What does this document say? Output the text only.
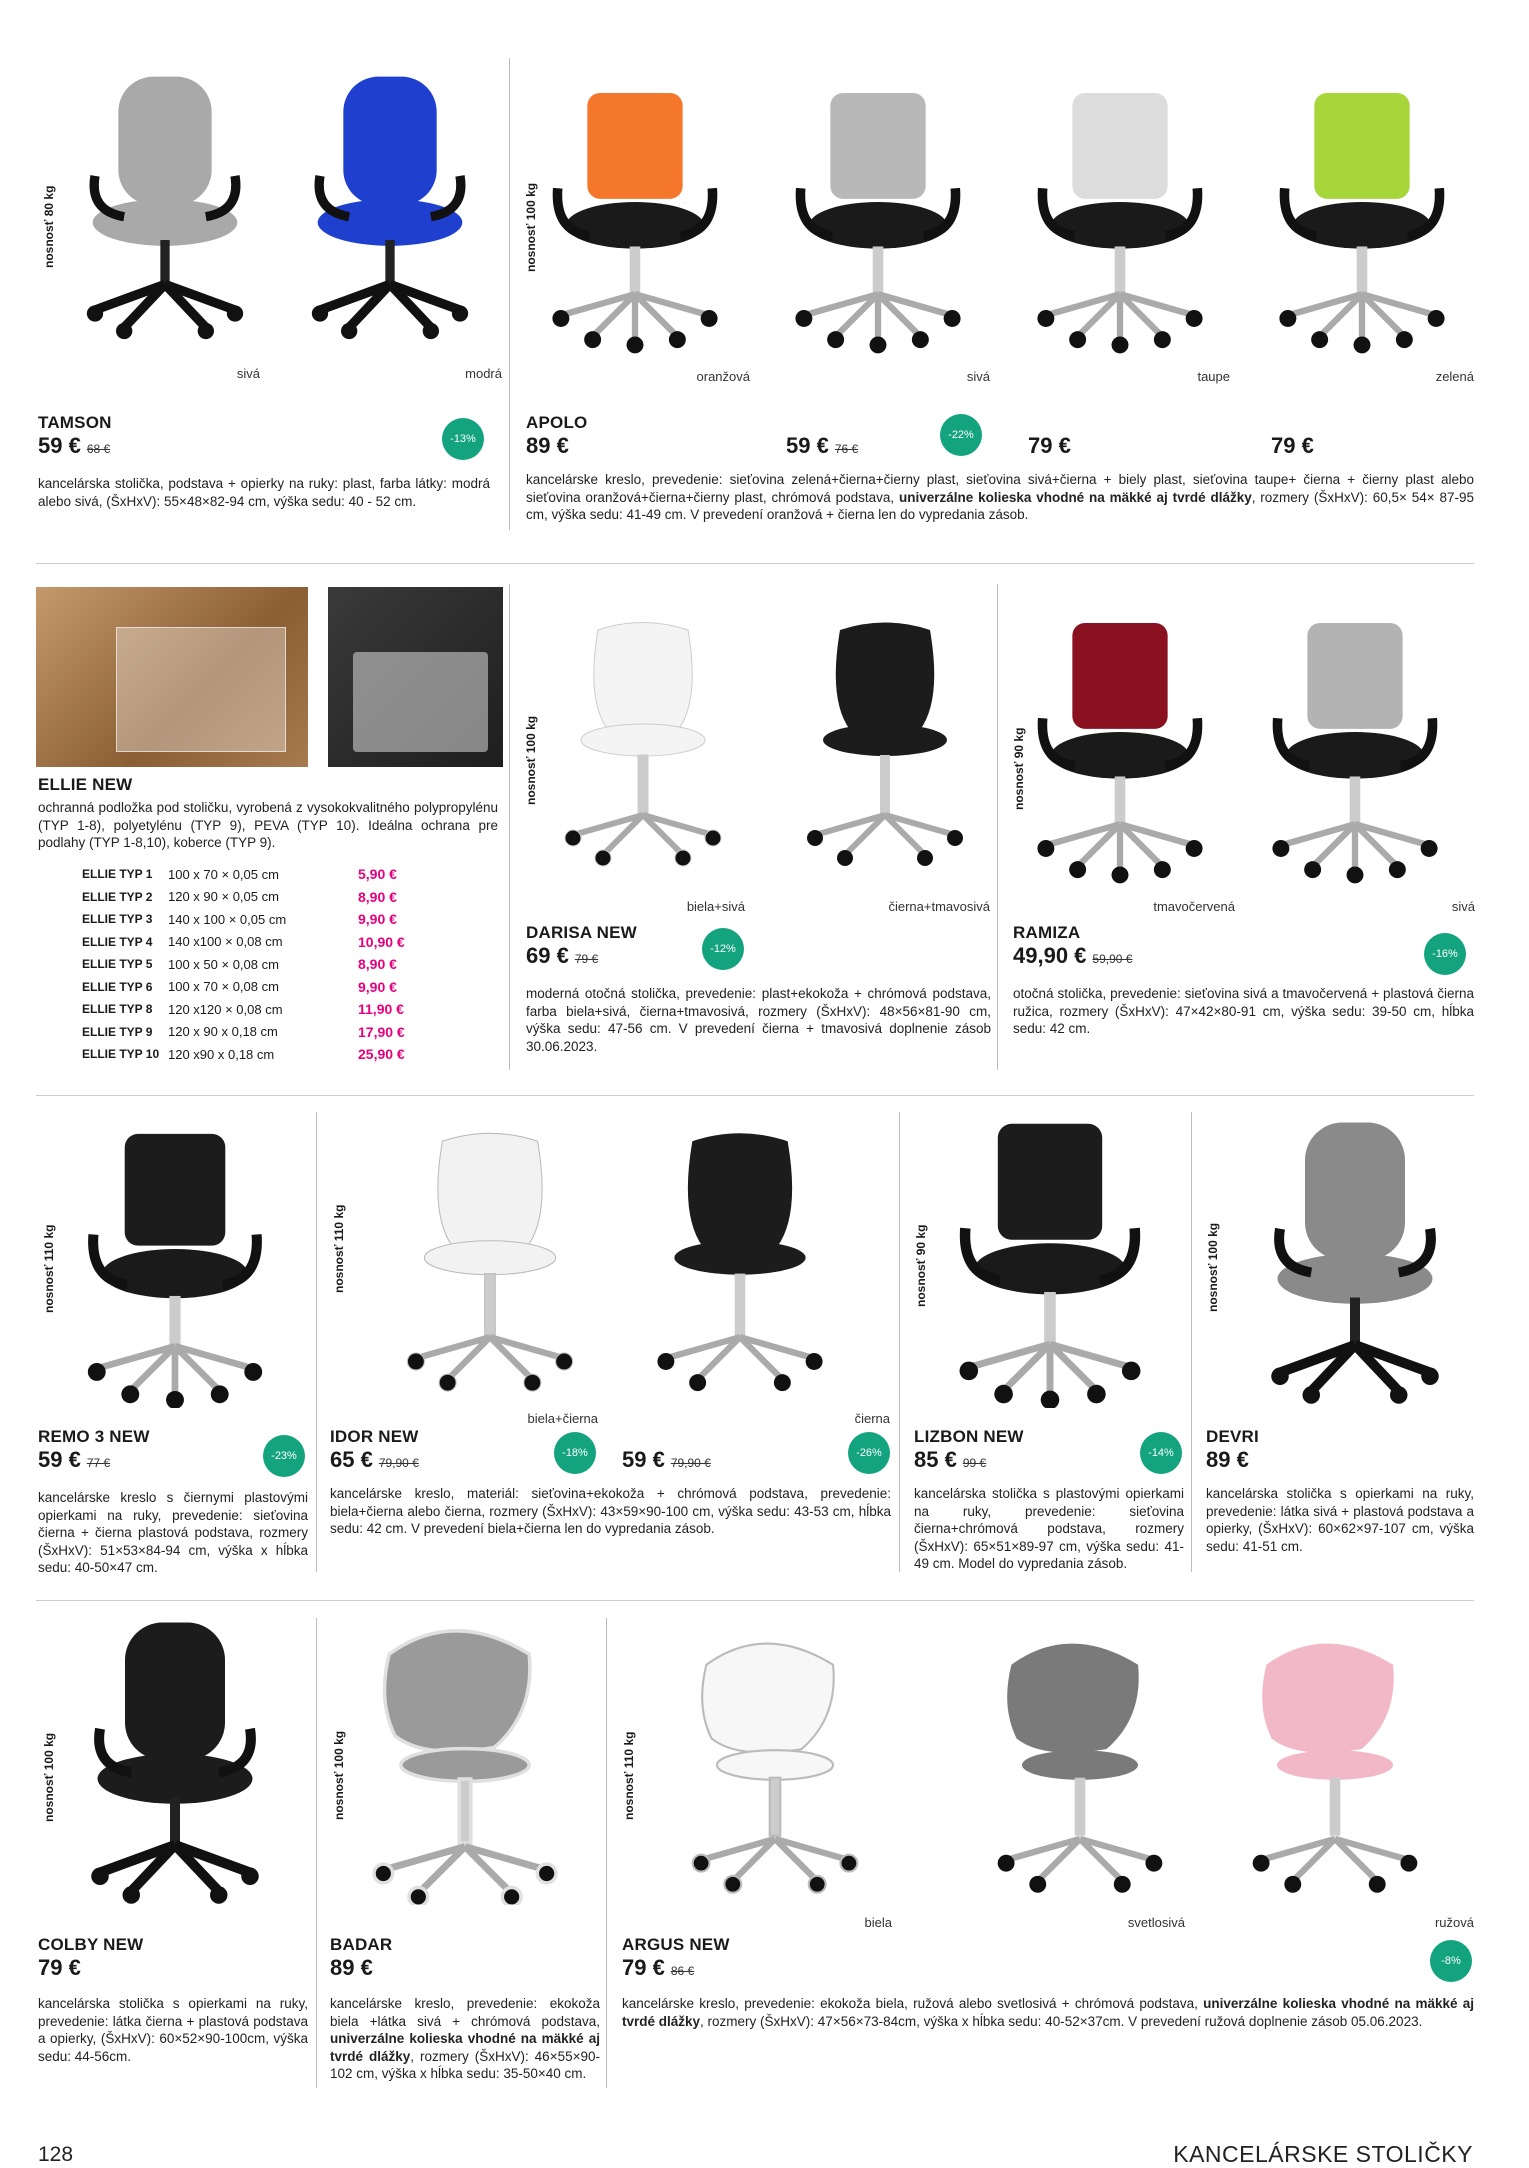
nosnosť 80 kg
sivá	modrá
TAMSON
59 € 68 €
-13%
kancelárska stolička, podstava + opierky na ruky: plast, farba látky: modrá alebo sivá, (ŠxHxV): 55×48×82-94 cm, výška sedu: 40 - 52 cm.
nosnosť 100 kg
oranžová	sivá	taupe	zelená
APOLO
89 €	59 € 76 €
-22%	79 €	79 €
kancelárske kreslo, prevedenie: sieťovina zelená+čierna+čierny plast, sieťovina sivá+čierna + biely plast, sieťovina taupe+ čierna + čierny plast alebo sieťovina oranžová+čierna+čierny plast, chrómová podstava, univerzálne kolieska vhodné na mäkké aj tvrdé dlážky, rozmery (ŠxHxV): 60,5× 54× 87-95 cm, výška sedu: 41-49 cm. V prevedení oranžová + čierna len do vypredania zásob.
ELLIE NEW
ochranná podložka pod stoličku, vyrobená z vysokokvalitného polypropylénu (TYP 1-8), polyetylénu (TYP 9), PEVA (TYP 10). Ideálna ochrana pre podlahy (TYP 1-8,10), koberce (TYP 9).
ELLIE TYP 1	100 x 70 × 0,05 cm	5,90 €
ELLIE TYP 2	120 x 90 × 0,05 cm	8,90 €
ELLIE TYP 3	140 x 100 × 0,05 cm	9,90 €
ELLIE TYP 4	140 x100 × 0,08 cm	10,90 €
ELLIE TYP 5	100 x 50 × 0,08 cm	8,90 €
ELLIE TYP 6	100 x 70 × 0,08 cm	9,90 €
ELLIE TYP 8	120 x120 × 0,08 cm	11,90 €
ELLIE TYP 9	120 x 90 x 0,18 cm	17,90 €
ELLIE TYP 10	120 x90 x 0,18 cm	25,90 €
nosnosť 100 kg
biela+sivá	čierna+tmavosivá
DARISA NEW
69 € 79 €
-12%
moderná otočná stolička, prevedenie: plast+ekokoža + chrómová podstava, farba biela+sivá, čierna+tmavosivá, rozmery (ŠxHxV): 48×56×81-90 cm, výška sedu: 47-56 cm. V prevedení čierna + tmavosivá doplnenie zásob 30.06.2023.
nosnosť 90 kg
tmavočervená	sivá
RAMIZA
49,90 € 59,90 €	-16%
otočná stolička, prevedenie: sieťovina sivá a tmavočervená + plastová čierna ružica, rozmery (ŠxHxV): 47×42×80-91 cm, výška sedu: 39-50 cm, hĺbka sedu: 42 cm.
nosnosť 110 kg
REMO 3 NEW
59 € 77 €	-23%
kancelárske kreslo s čiernymi plastovými opierkami na ruky, prevedenie: sieťovina čierna + čierna plastová podstava, rozmery (ŠxHxV): 51×53×84-94 cm, výška x hĺbka sedu: 40-50×47 cm.
nosnosť 110 kg
biela+čierna	čierna
IDOR NEW
65 € 79,90 €
-18%	59 € 79,90 €
-26%
kancelárske kreslo, materiál: sieťovina+ekokoža + chrómová podstava, prevedenie: biela+čierna alebo čierna, rozmery (ŠxHxV): 43×59×90-100 cm, výška sedu: 43-53 cm, hĺbka sedu: 42 cm. V prevedení biela+čierna len do vypredania zásob.
nosnosť 90 kg
LIZBON NEW
85 € 99 €
-14%
kancelárska stolička s plastovými opierkami na ruky, prevedenie: sieťovina čierna+chrómová podstava, rozmery (ŠxHxV): 65×51×89-97 cm, výška sedu: 41-49 cm. Model do vypredania zásob.
nosnosť 100 kg
DEVRI
89 €
kancelárska stolička s opierkami na ruky, prevedenie: látka sivá + plastová podstava a opierky, (ŠxHxV): 60×62×97-107 cm, výška sedu: 41-51 cm.
nosnosť 100 kg
COLBY NEW
79 €
kancelárska stolička s opierkami na ruky, prevedenie: látka čierna + plastová podstava a opierky, (ŠxHxV): 60×52×90-100cm, výška sedu: 44-56cm.
nosnosť 100 kg
BADAR
89 €
kancelárske kreslo, prevedenie: ekokoža biela +látka sivá + chrómová podstava, univerzálne kolieska vhodné na mäkké aj tvrdé dlážky, rozmery (ŠxHxV): 46×55×90-102 cm, výška x hĺbka sedu: 35-50×40 cm.
nosnosť 110 kg
biela	svetlosivá	ružová
ARGUS NEW
79 € 86 €
-8%
kancelárske kreslo, prevedenie: ekokoža biela, ružová alebo svetlosivá + chrómová podstava, univerzálne kolieska vhodné na mäkké aj tvrdé dlážky, rozmery (ŠxHxV): 47×56×73-84cm, výška x hĺbka sedu: 40-52×37cm. V prevedení ružová doplnenie zásob 05.06.2023.
128	KANCELÁRSKE STOLIČKY
